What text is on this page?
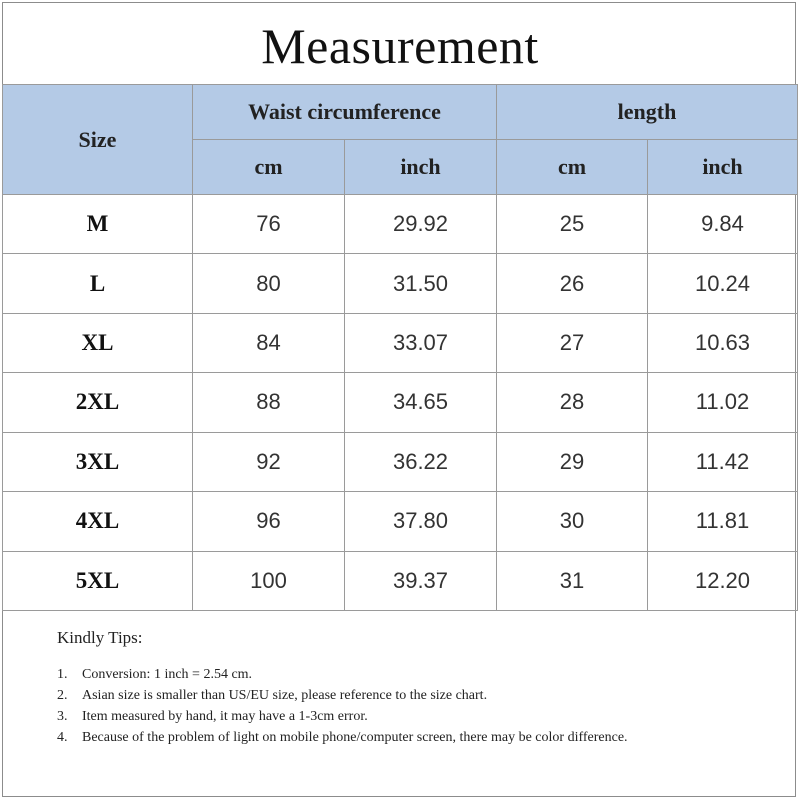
Measurement
Size	Waist circumference		length	
	cm	inch	cm	inch
M	76	29.92	25	9.84
L	80	31.50	26	10.24
XL	84	33.07	27	10.63
2XL	88	34.65	28	11.02
3XL	92	36.22	29	11.42
4XL	96	37.80	30	11.81
5XL	100	39.37	31	12.20
Kindly Tips:
1.	Conversion: 1 inch = 2.54 cm.
2.	Asian size is smaller than US/EU size, please reference to the size chart.
3.	Item measured by hand, it may have a 1-3cm error.
4.	Because of the problem of light on mobile phone/computer screen, there may be color difference.
